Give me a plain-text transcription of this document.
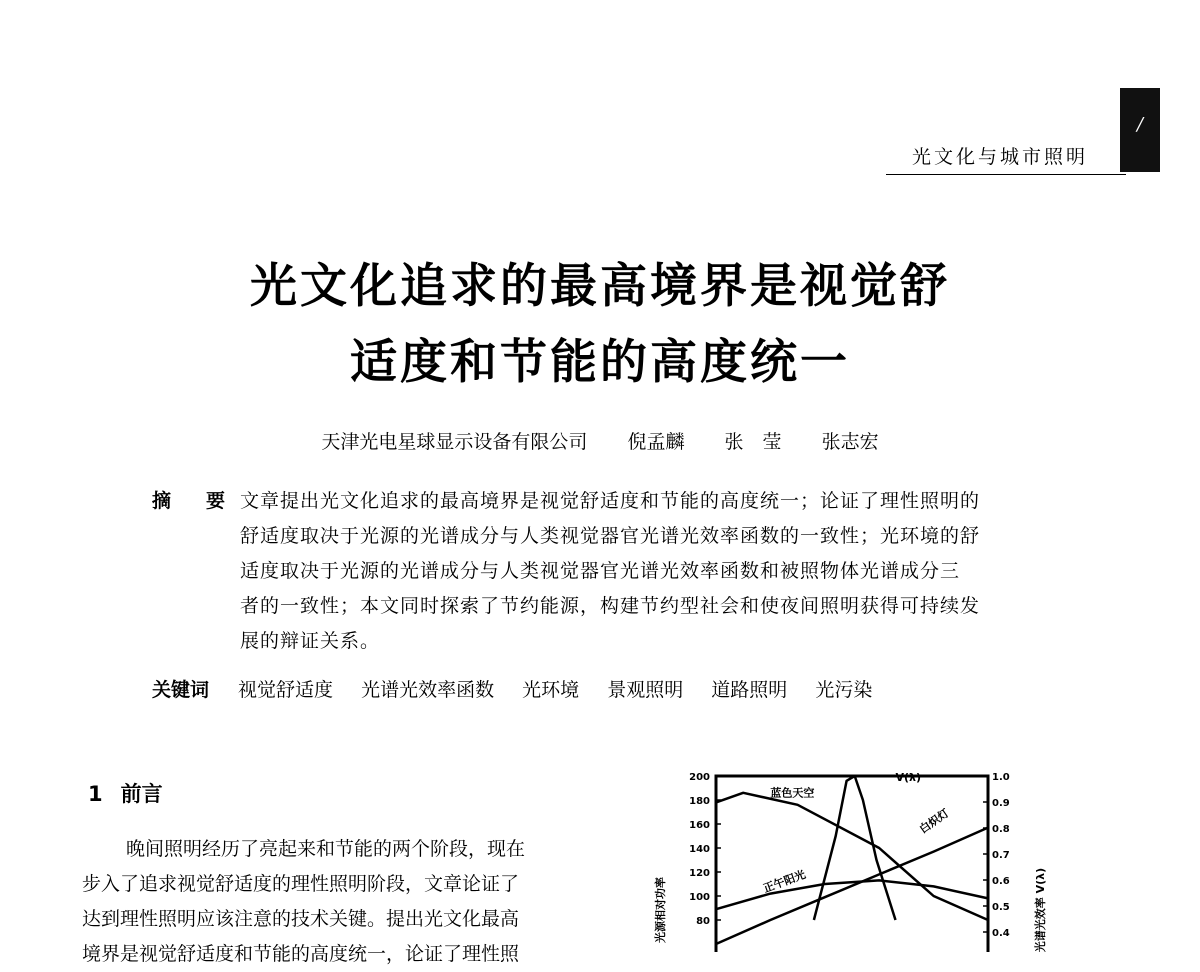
/
光文化与城市照明
光文化追求的最高境界是视觉舒
适度和节能的高度统一
天津光电星球显示设备有限公司 倪孟麟 张　莹 张志宏
摘　要 文章提出光文化追求的最高境界是视觉舒适度和节能的高度统一；论证了理性照明的

舒适度取决于光源的光谱成分与人类视觉器官光谱光效率函数的一致性；光环境的舒

适度取决于光源的光谱成分与人类视觉器官光谱光效率函数和被照物体光谱成分三

者的一致性；本文同时探索了节约能源，构建节约型社会和使夜间照明获得可持续发

展的辩证关系。

关键词 视觉舒适度 光谱光效率函数 光环境 景观照明 道路照明 光污染
1 前言

晚间照明经历了亮起来和节能的两个阶段，现在

步入了追求视觉舒适度的理性照明阶段，文章论证了

达到理性照明应该注意的技术关键。提出光文化最高

境界是视觉舒适度和节能的高度统一，论证了理性照

光源相对功率	光谱光效率 V(λ)
200
180
160
140
120
100
80
1.0
0.9
0.8
0.7
0.6
0.5
0.4
蓝色天空
V(λ)
白炽灯
正午阳光
